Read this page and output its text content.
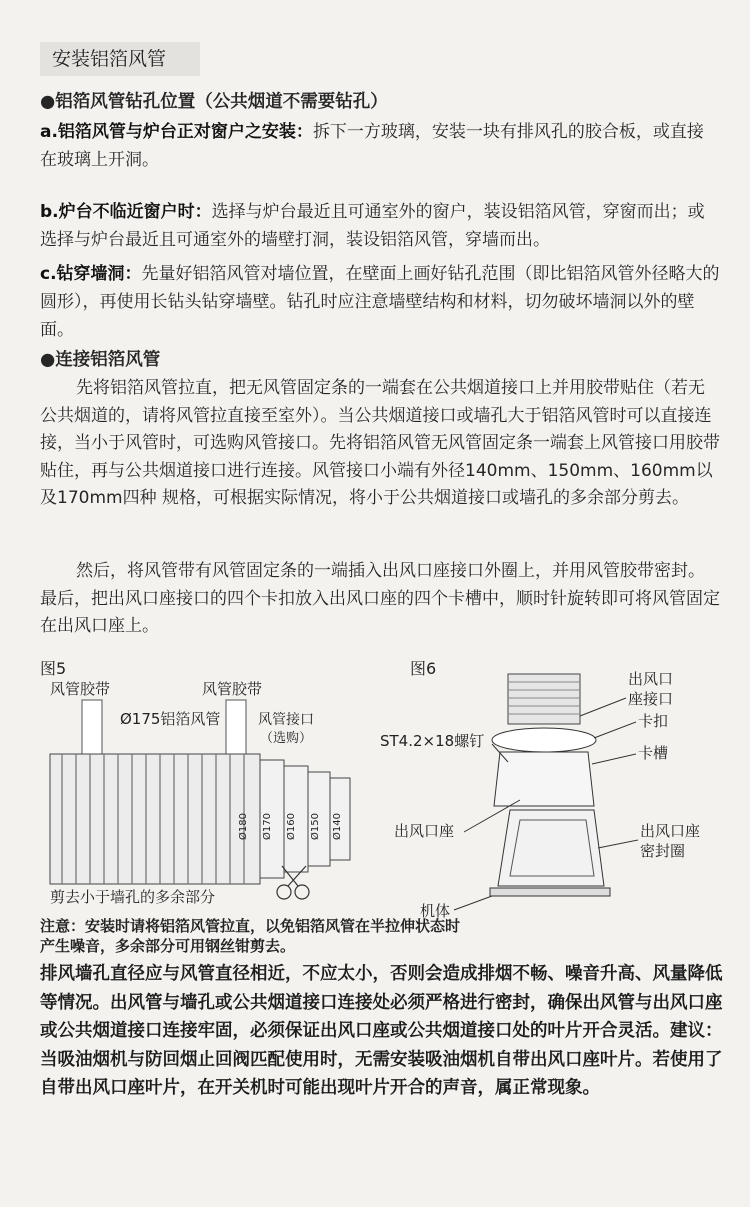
安装铝箔风管
●铝箔风管钻孔位置（公共烟道不需要钻孔）
a.铝箔风管与炉台正对窗户之安装：拆下一方玻璃，安装一块有排风孔的胶合板，或直接在玻璃上开洞。
b.炉台不临近窗户时：选择与炉台最近且可通室外的窗户，装设铝箔风管，穿窗而出；或选择与炉台最近且可通室外的墙壁打洞，装设铝箔风管，穿墙而出。
c.钻穿墙洞：先量好铝箔风管对墙位置，在壁面上画好钻孔范围（即比铝箔风管外径略大的圆形），再使用长钻头钻穿墙壁。钻孔时应注意墙壁结构和材料，切勿破坏墙洞以外的壁面。
●连接铝箔风管
先将铝箔风管拉直，把无风管固定条的一端套在公共烟道接口上并用胶带贴住（若无公共烟道的，请将风管拉直接至室外）。当公共烟道接口或墙孔大于铝箔风管时可以直接连接，当小于风管时，可选购风管接口。先将铝箔风管无风管固定条一端套上风管接口用胶带贴住，再与公共烟道接口进行连接。风管接口小端有外径140mm、150mm、160mm以及170mm四种 规格，可根据实际情况，将小于公共烟道接口或墙孔的多余部分剪去。
然后，将风管带有风管固定条的一端插入出风口座接口外圈上，并用风管胶带密封。最后，把出风口座接口的四个卡扣放入出风口座的四个卡槽中，顺时针旋转即可将风管固定在出风口座上。
图5
风管胶带	风管胶带
Ø175铝箔风管	风管接口
（选购）
Ø180 Ø170 Ø160 Ø150 Ø140
剪去小于墙孔的多余部分
图6
出风口
座接口
卡扣
ST4.2×18螺钉
卡槽
出风口座	出风口座
密封圈
机体
注意：安装时请将铝箔风管拉直，以免铝箔风管在半拉伸状态时产生噪音，多余部分可用钢丝钳剪去。
排风墙孔直径应与风管直径相近，不应太小，否则会造成排烟不畅、噪音升高、风量降低等情况。出风管与墙孔或公共烟道接口连接处必须严格进行密封，确保出风管与出风口座或公共烟道接口连接牢固，必须保证出风口座或公共烟道接口处的叶片开合灵活。建议：当吸油烟机与防回烟止回阀匹配使用时，无需安装吸油烟机自带出风口座叶片。若使用了自带出风口座叶片，在开关机时可能出现叶片开合的声音，属正常现象。
